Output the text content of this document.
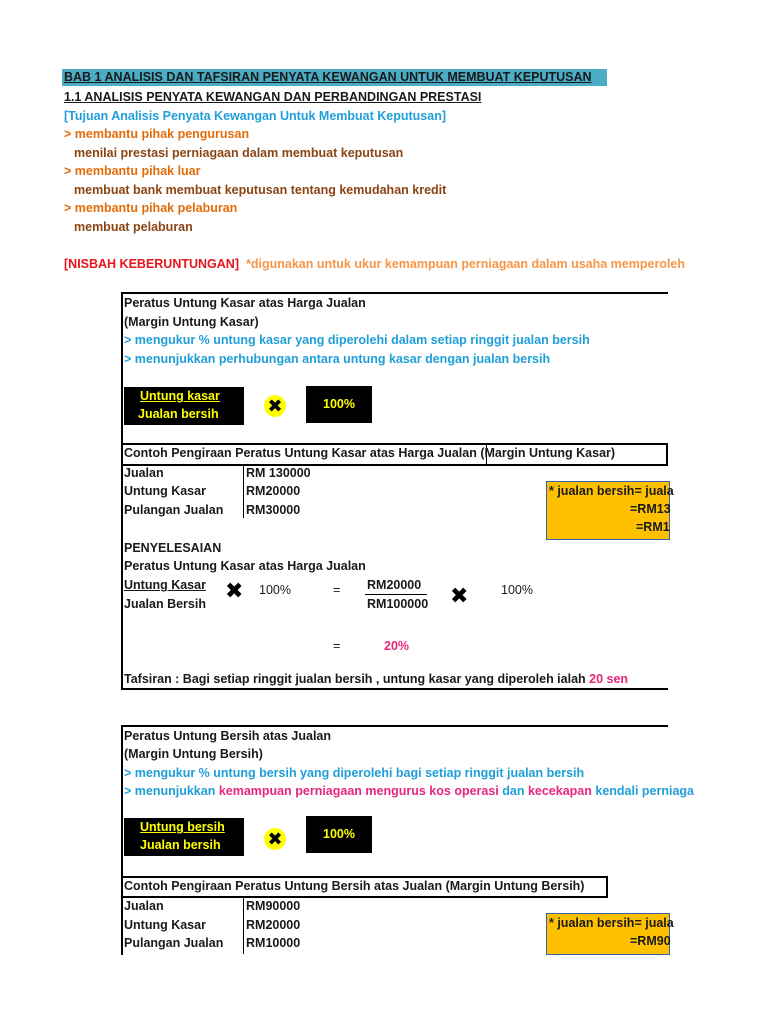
BAB 1 ANALISIS DAN TAFSIRAN PENYATA KEWANGAN UNTUK MEMBUAT KEPUTUSAN
1.1 ANALISIS PENYATA KEWANGAN DAN PERBANDINGAN PRESTASI
[Tujuan Analisis Penyata Kewangan Untuk Membuat Keputusan]
> membantu pihak pengurusan
menilai prestasi perniagaan dalam membuat keputusan
> membantu pihak luar
membuat bank membuat keputusan tentang kemudahan kredit
> membantu pihak pelaburan
membuat pelaburan
[NISBAH KEBERUNTUNGAN] *digunakan untuk ukur kemampuan perniagaan dalam usaha memperoleh
Peratus Untung Kasar atas Harga Jualan
(Margin Untung Kasar)
> mengukur % untung kasar yang diperolehi dalam setiap ringgit jualan bersih
> menunjukkan perhubungan antara untung kasar dengan jualan bersih
Untung kasar
Jualan bersih	✖	100%
Contoh Pengiraan Peratus Untung Kasar atas Harga Jualan (Margin Untung Kasar)
Jualan	RM 130000
Untung Kasar	RM20000
Pulangan Jualan RM30000
* jualan bersih= juala
=RM13
=RM1
PENYELESAIAN
Peratus Untung Kasar atas Harga Jualan
Untung Kasar
Jualan Bersih
✖ 100%	= RM20000
RM100000 ✖	100%
=	20%
Tafsiran : Bagi setiap ringgit jualan bersih , untung kasar yang diperoleh ialah 20 sen
Peratus Untung Bersih atas Jualan
(Margin Untung Bersih)
> mengukur % untung bersih yang diperolehi bagi setiap ringgit jualan bersih
> menunjukkan kemampuan perniagaan mengurus kos operasi dan kecekapan kendali perniaga
Untung bersih
Jualan bersih	✖	100%
Contoh Pengiraan Peratus Untung Bersih atas Jualan (Margin Untung Bersih)
Jualan	RM90000
Untung Kasar	RM20000
Pulangan Jualan RM10000
* jualan bersih= juala
=RM90
